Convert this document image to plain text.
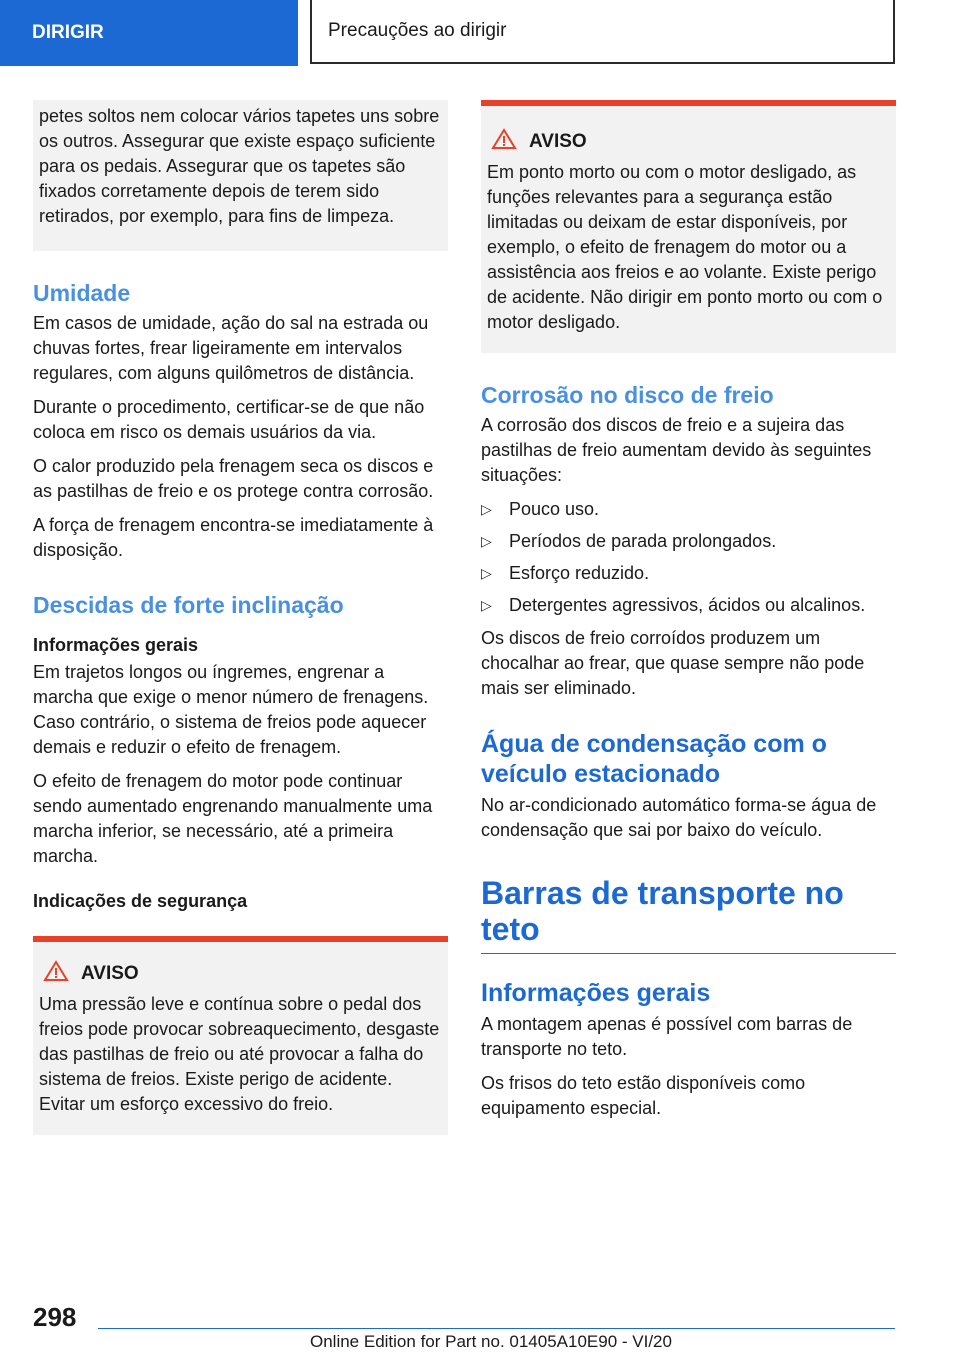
DIRIGIR	Precauções ao dirigir

petes soltos nem colocar vários tapetes uns sobre os outros. Assegurar que existe espaço suficiente para os pedais. Assegurar que os tapetes são fixados corretamente depois de terem sido retirados, por exemplo, para fins de limpeza.

Umidade

Em casos de umidade, ação do sal na estrada ou chuvas fortes, frear ligeiramente em intervalos regulares, com alguns quilômetros de distância.

Durante o procedimento, certificar-se de que não coloca em risco os demais usuários da via.

O calor produzido pela frenagem seca os discos e as pastilhas de freio e os protege contra corrosão.

A força de frenagem encontra-se imediatamente à disposição.

Descidas de forte inclinação
Informações gerais

Em trajetos longos ou íngremes, engrenar a marcha que exige o menor número de frenagens. Caso contrário, o sistema de freios pode aquecer demais e reduzir o efeito de frenagem.

O efeito de frenagem do motor pode continuar sendo aumentado engrenando manualmente uma marcha inferior, se necessário, até a primeira marcha.

Indicações de segurança
AVISO

Uma pressão leve e contínua sobre o pedal dos freios pode provocar sobreaquecimento, desgaste das pastilhas de freio ou até provocar a falha do sistema de freios. Existe perigo de acidente. Evitar um esforço excessivo do freio.

AVISO

Em ponto morto ou com o motor desligado, as funções relevantes para a segurança estão limitadas ou deixam de estar disponíveis, por exemplo, o efeito de frenagem do motor ou a assistência aos freios e ao volante. Existe perigo de acidente. Não dirigir em ponto morto ou com o motor desligado.

Corrosão no disco de freio

A corrosão dos discos de freio e a sujeira das pastilhas de freio aumentam devido às seguintes situações:

▷ Pouco uso.
▷ Períodos de parada prolongados.
▷ Esforço reduzido.
▷ Detergentes agressivos, ácidos ou alcalinos.

Os discos de freio corroídos produzem um chocalhar ao frear, que quase sempre não pode mais ser eliminado.

Água de condensação com o veículo estacionado

No ar-condicionado automático forma-se água de condensação que sai por baixo do veículo.

Barras de transporte no teto
Informações gerais

A montagem apenas é possível com barras de transporte no teto.

Os frisos do teto estão disponíveis como equipamento especial.

298
Online Edition for Part no. 01405A10E90 - VI/20
